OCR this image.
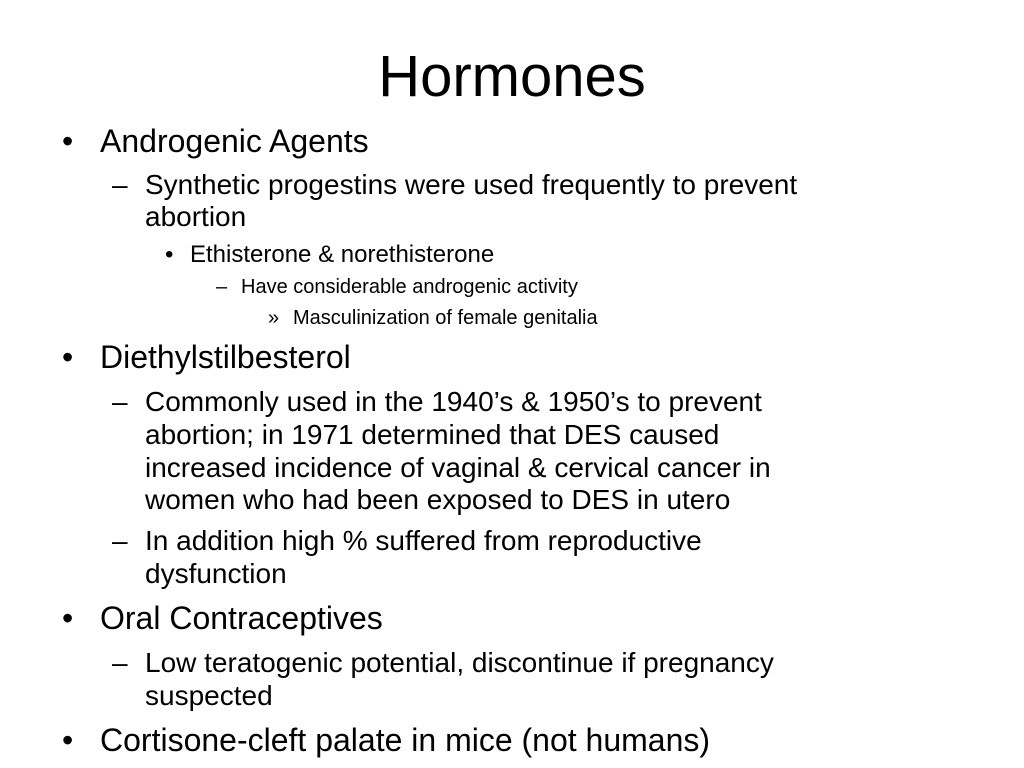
Hormones
• Androgenic Agents
– Synthetic progestins were used frequently to prevent
abortion
• Ethisterone & norethisterone
– Have considerable androgenic activity
» Masculinization of female genitalia
• Diethylstilbesterol
– Commonly used in the 1940’s & 1950’s to prevent
abortion; in 1971 determined that DES caused
increased incidence of vaginal & cervical cancer in
women who had been exposed to DES in utero
– In addition high % suffered from reproductive
dysfunction
• Oral Contraceptives
– Low teratogenic potential, discontinue if pregnancy
suspected
• Cortisone-cleft palate in mice (not humans)
